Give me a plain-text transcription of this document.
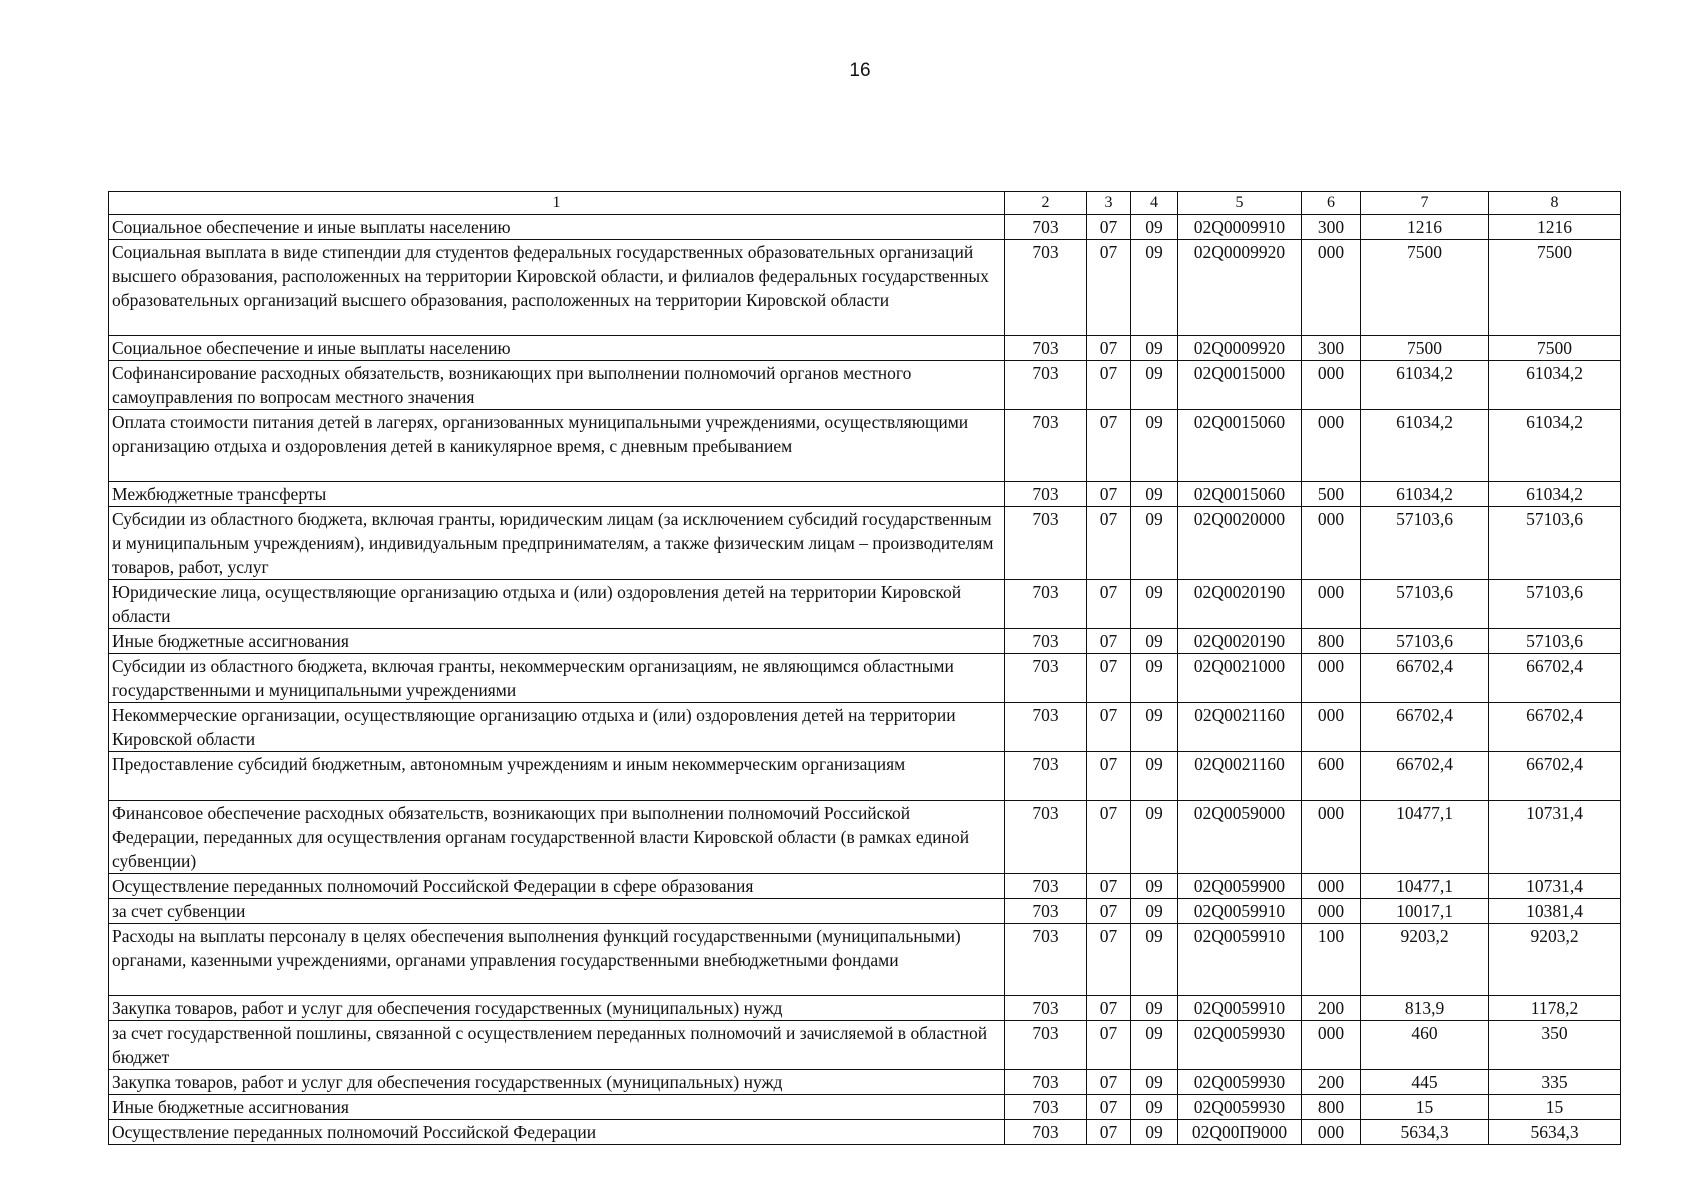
16
1	2	3	4	5	6	7	8
Социальное обеспечение и иные выплаты населению	703	07	09	02Q0009910	300	1216	1216
Социальная выплата в виде стипендии для студентов федеральных государственных образовательных организаций высшего образования, расположенных на территории Кировской области, и филиалов федеральных государственных образовательных организаций высшего образования, расположенных на территории Кировской области	703	07	09	02Q0009920	000	7500	7500
Социальное обеспечение и иные выплаты населению	703	07	09	02Q0009920	300	7500	7500
Софинансирование расходных обязательств, возникающих при выполнении полномочий органов местного самоуправления по вопросам местного значения	703	07	09	02Q0015000	000	61034,2	61034,2
Оплата стоимости питания детей в лагерях, организованных муниципальными учреждениями, осуществляющими организацию отдыха и оздоровления детей в каникулярное время, с дневным пребыванием	703	07	09	02Q0015060	000	61034,2	61034,2
Межбюджетные трансферты	703	07	09	02Q0015060	500	61034,2	61034,2
Субсидии из областного бюджета, включая гранты, юридическим лицам (за исключением субсидий государственным и муниципальным учреждениям), индивидуальным предпринимателям, а также физическим лицам – производителям товаров, работ, услуг	703	07	09	02Q0020000	000	57103,6	57103,6
Юридические лица, осуществляющие организацию отдыха и (или) оздоровления детей на территории Кировской области	703	07	09	02Q0020190	000	57103,6	57103,6
Иные бюджетные ассигнования	703	07	09	02Q0020190	800	57103,6	57103,6
Субсидии из областного бюджета, включая гранты, некоммерческим организациям, не являющимся областными государственными и муниципальными учреждениями	703	07	09	02Q0021000	000	66702,4	66702,4
Некоммерческие организации, осуществляющие организацию отдыха и (или) оздоровления детей на территории Кировской области	703	07	09	02Q0021160	000	66702,4	66702,4
Предоставление субсидий бюджетным, автономным учреждениям и иным некоммерческим организациям	703	07	09	02Q0021160	600	66702,4	66702,4
Финансовое обеспечение расходных обязательств, возникающих при выполнении полномочий Российской Федерации, переданных для осуществления органам государственной власти Кировской области (в рамках единой субвенции)	703	07	09	02Q0059000	000	10477,1	10731,4
Осуществление переданных полномочий Российской Федерации в сфере образования	703	07	09	02Q0059900	000	10477,1	10731,4
за счет субвенции	703	07	09	02Q0059910	000	10017,1	10381,4
Расходы на выплаты персоналу в целях обеспечения выполнения функций государственными (муниципальными) органами, казенными учреждениями, органами управления государственными внебюджетными фондами	703	07	09	02Q0059910	100	9203,2	9203,2
Закупка товаров, работ и услуг для обеспечения государственных (муниципальных) нужд	703	07	09	02Q0059910	200	813,9	1178,2
за счет государственной пошлины, связанной с осуществлением переданных полномочий и зачисляемой в областной бюджет	703	07	09	02Q0059930	000	460	350
Закупка товаров, работ и услуг для обеспечения государственных (муниципальных) нужд	703	07	09	02Q0059930	200	445	335
Иные бюджетные ассигнования	703	07	09	02Q0059930	800	15	15
Осуществление переданных полномочий Российской Федерации	703	07	09	02Q00П9000	000	5634,3	5634,3
